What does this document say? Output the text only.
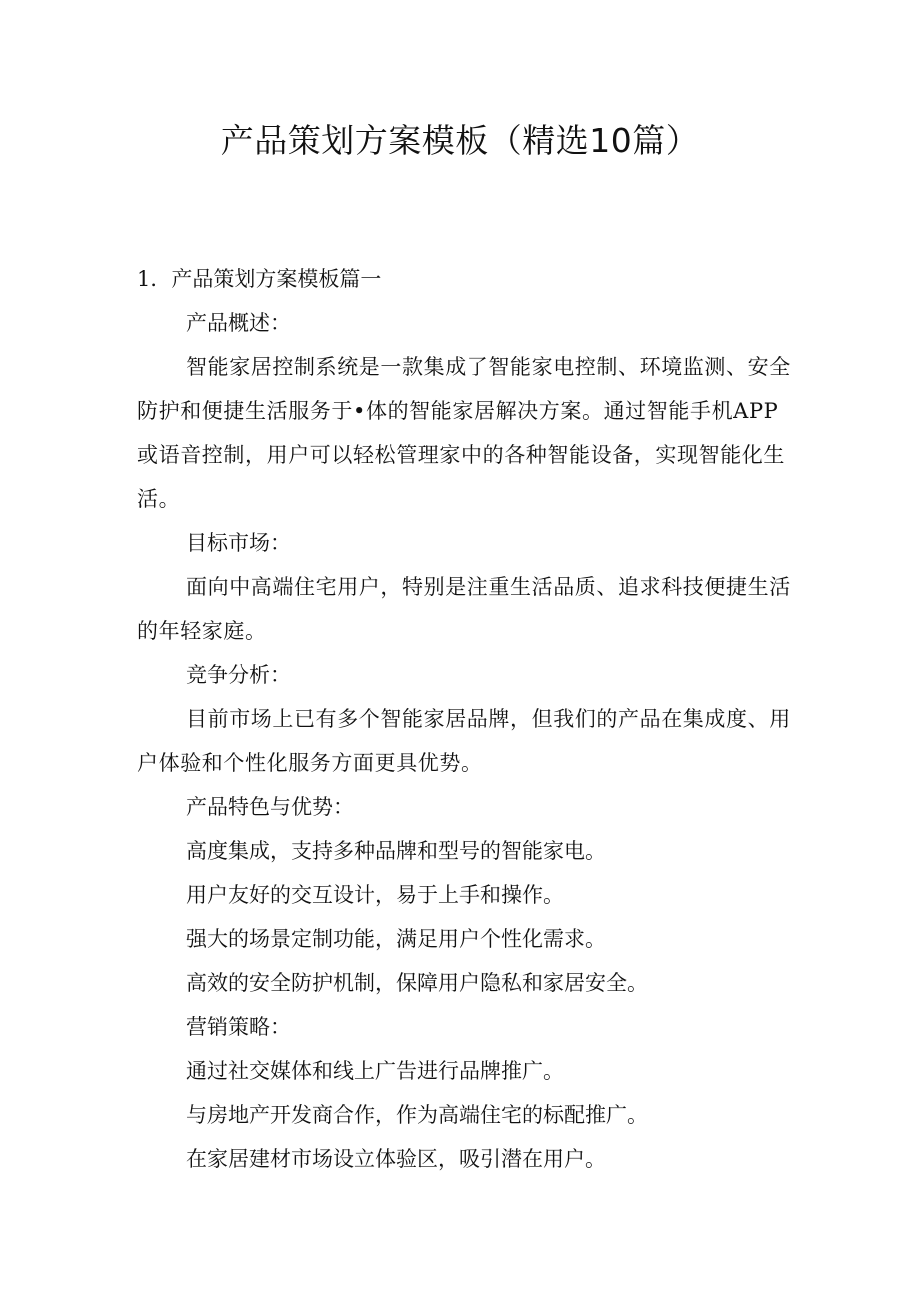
产品策划方案模板（精选10篇）

1．产品策划方案模板篇一

产品概述：

智能家居控制系统是一款集成了智能家电控制、环境监测、安全防护和便捷生活服务于•体的智能家居解决方案。通过智能手机APP或语音控制，用户可以轻松管理家中的各种智能设备，实现智能化生活。

目标市场：

面向中高端住宅用户，特别是注重生活品质、追求科技便捷生活的年轻家庭。

竞争分析：

目前市场上已有多个智能家居品牌，但我们的产品在集成度、用户体验和个性化服务方面更具优势。

产品特色与优势：

高度集成，支持多种品牌和型号的智能家电。

用户友好的交互设计，易于上手和操作。

强大的场景定制功能，满足用户个性化需求。

高效的安全防护机制，保障用户隐私和家居安全。

营销策略：

通过社交媒体和线上广告进行品牌推广。

与房地产开发商合作，作为高端住宅的标配推广。

在家居建材市场设立体验区，吸引潜在用户。
